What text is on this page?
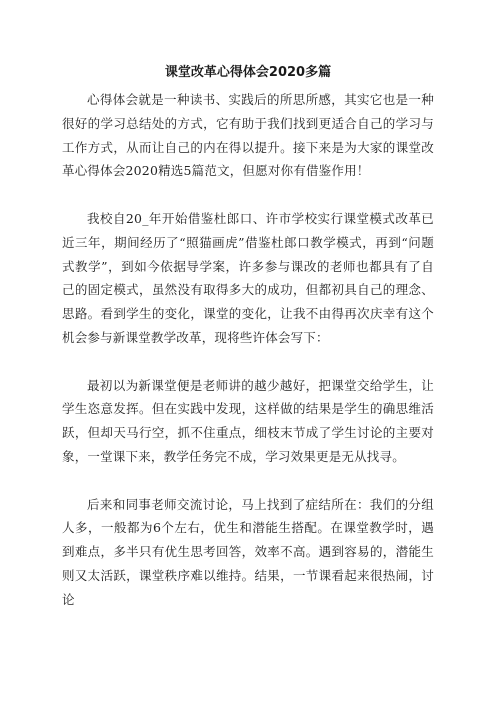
课堂改革心得体会2020多篇

心得体会就是一种读书、实践后的所思所感，其实它也是一种很好的学习总结处的方式，它有助于我们找到更适合自己的学习与工作方式，从而让自己的内在得以提升。接下来是为大家的课堂改革心得体会2020精选5篇范文，但愿对你有借鉴作用！

我校自20_年开始借鉴杜郎口、许市学校实行课堂模式改革已近三年，期间经历了“照猫画虎”借鉴杜郎口教学模式，再到“问题式教学”，到如今依据导学案，许多参与课改的老师也都具有了自己的固定模式，虽然没有取得多大的成功，但都初具自己的理念、思路。看到学生的变化，课堂的变化，让我不由得再次庆幸有这个机会参与新课堂教学改革，现将些许体会写下：

最初以为新课堂便是老师讲的越少越好，把课堂交给学生，让学生恣意发挥。但在实践中发现，这样做的结果是学生的确思维活跃，但却天马行空，抓不住重点，细枝末节成了学生讨论的主要对象，一堂课下来，教学任务完不成，学习效果更是无从找寻。

后来和同事老师交流讨论，马上找到了症结所在：我们的分组人多，一般都为6个左右，优生和潜能生搭配。在课堂教学时，遇到难点，多半只有优生思考回答，效率不高。遇到容易的，潜能生则又太活跃，课堂秩序难以维持。结果，一节课看起来很热闹，讨论
